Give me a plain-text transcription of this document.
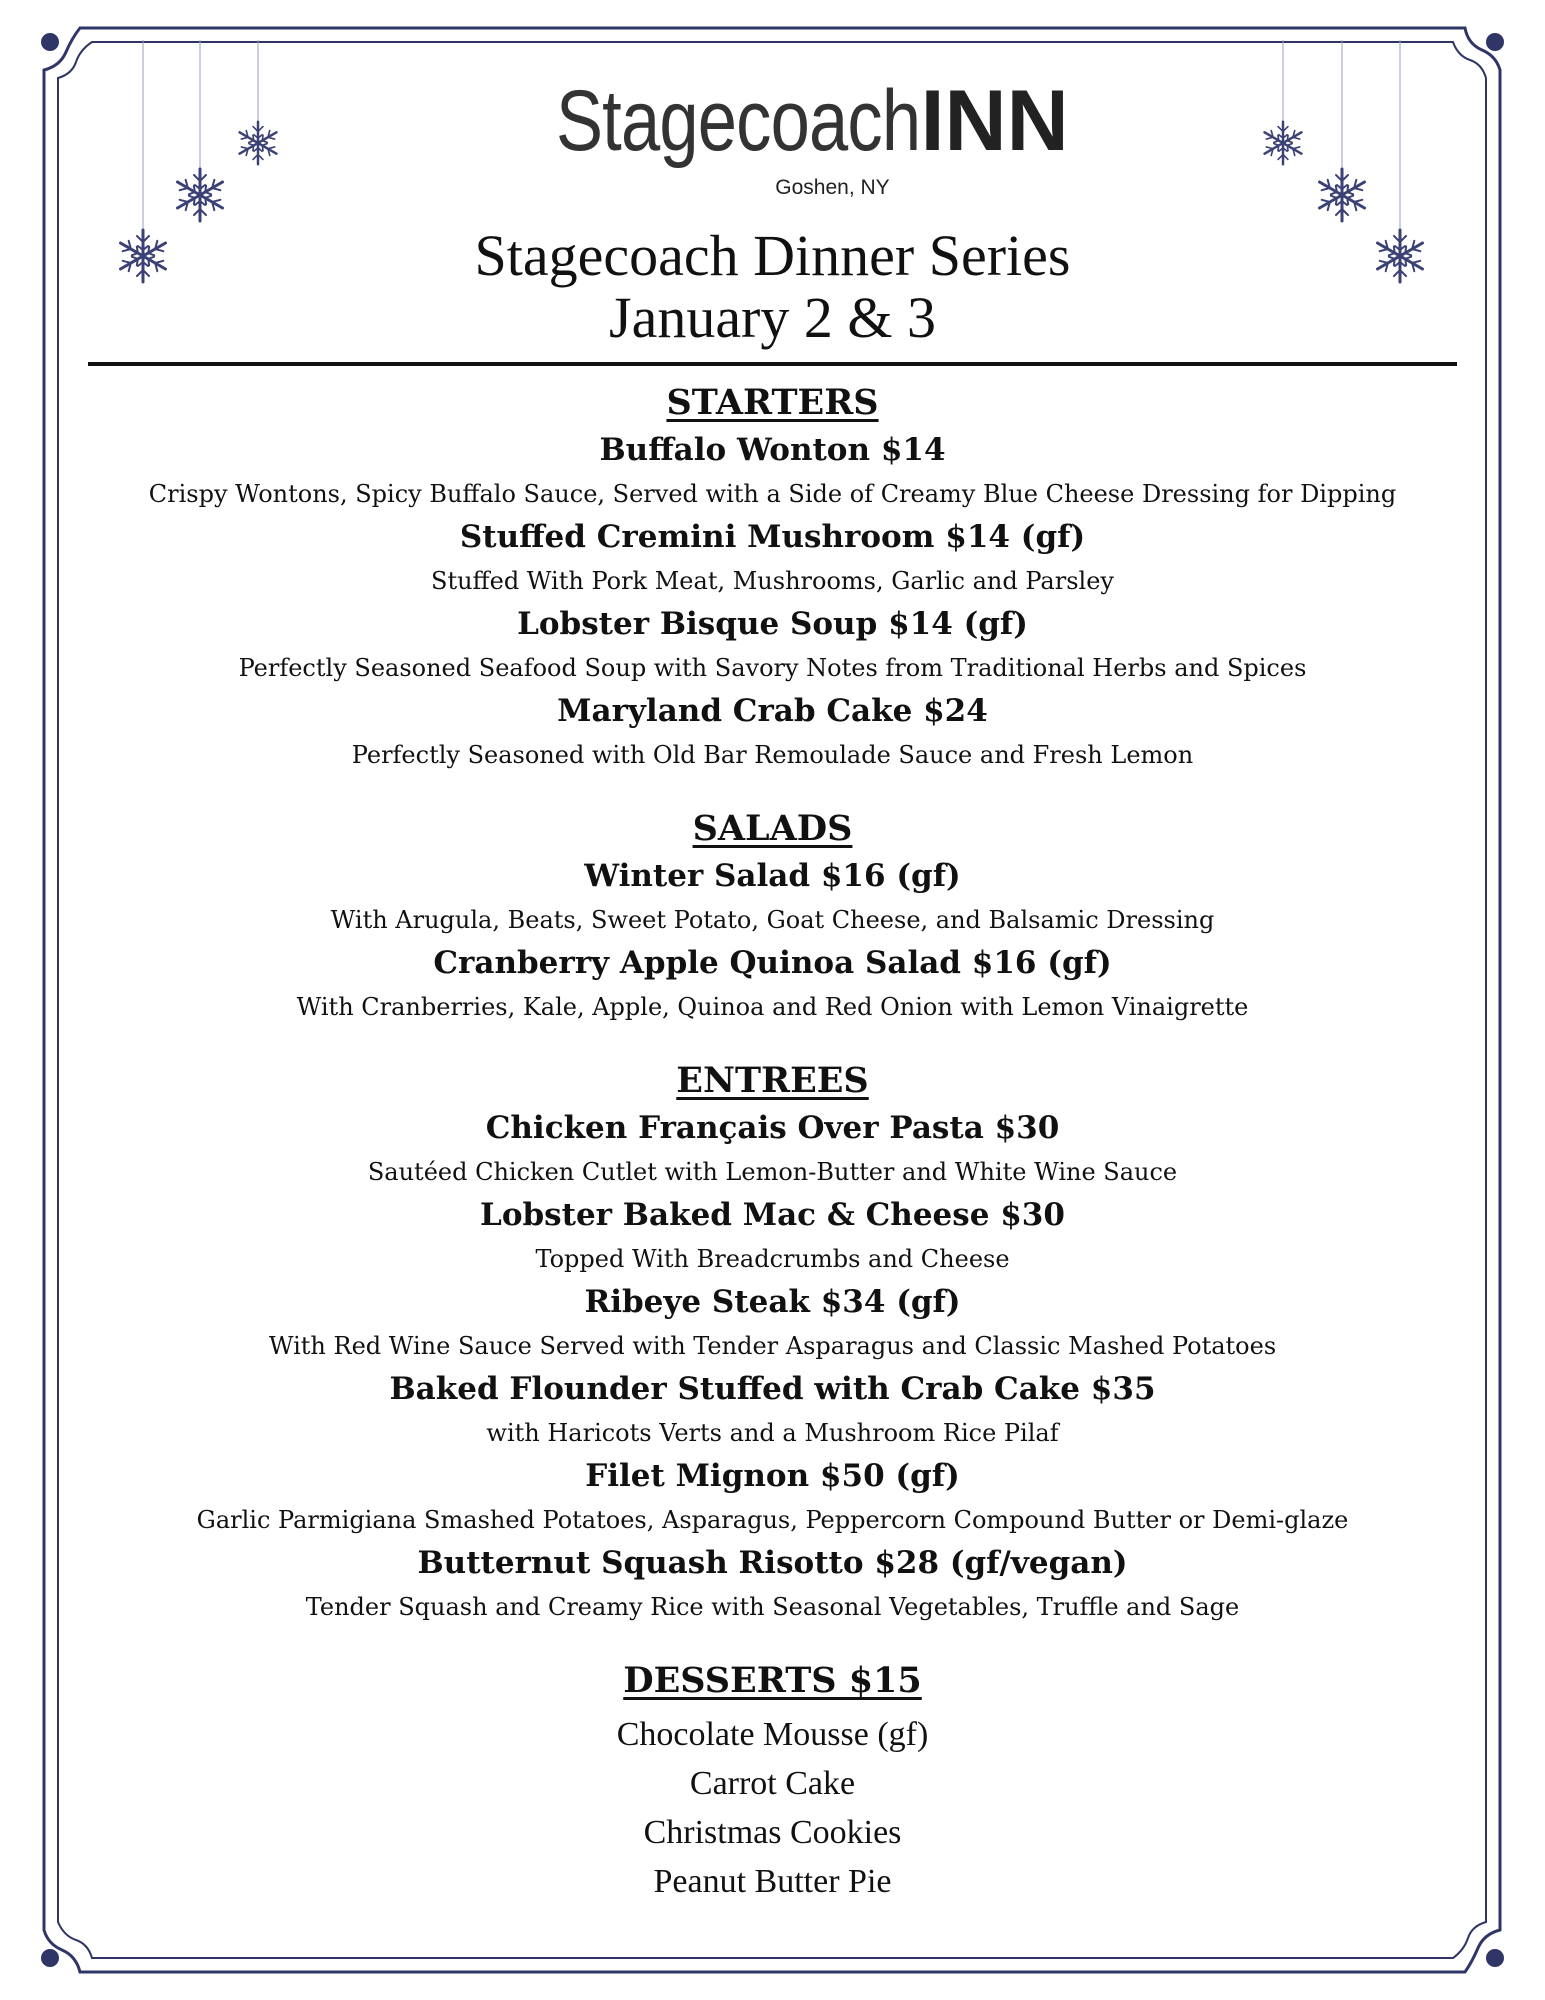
StagecoachINN
Goshen, NY
Stagecoach Dinner Series
January 2 & 3
STARTERS
Buffalo Wonton $14
Crispy Wontons, Spicy Buffalo Sauce, Served with a Side of Creamy Blue Cheese Dressing for Dipping
Stuffed Cremini Mushroom $14 (gf)
Stuffed With Pork Meat, Mushrooms, Garlic and Parsley
Lobster Bisque Soup $14 (gf)
Perfectly Seasoned Seafood Soup with Savory Notes from Traditional Herbs and Spices
Maryland Crab Cake $24
Perfectly Seasoned with Old Bar Remoulade Sauce and Fresh Lemon
SALADS
Winter Salad $16 (gf)
With Arugula, Beats, Sweet Potato, Goat Cheese, and Balsamic Dressing
Cranberry Apple Quinoa Salad $16 (gf)
With Cranberries, Kale, Apple, Quinoa and Red Onion with Lemon Vinaigrette
ENTREES
Chicken Français Over Pasta $30
Sautéed Chicken Cutlet with Lemon-Butter and White Wine Sauce
Lobster Baked Mac & Cheese $30
Topped With Breadcrumbs and Cheese
Ribeye Steak $34 (gf)
With Red Wine Sauce Served with Tender Asparagus and Classic Mashed Potatoes
Baked Flounder Stuffed with Crab Cake $35
with Haricots Verts and a Mushroom Rice Pilaf
Filet Mignon $50 (gf)
Garlic Parmigiana Smashed Potatoes, Asparagus, Peppercorn Compound Butter or Demi-glaze
Butternut Squash Risotto $28 (gf/vegan)
Tender Squash and Creamy Rice with Seasonal Vegetables, Truffle and Sage
DESSERTS $15
Chocolate Mousse (gf)
Carrot Cake
Christmas Cookies
Peanut Butter Pie
